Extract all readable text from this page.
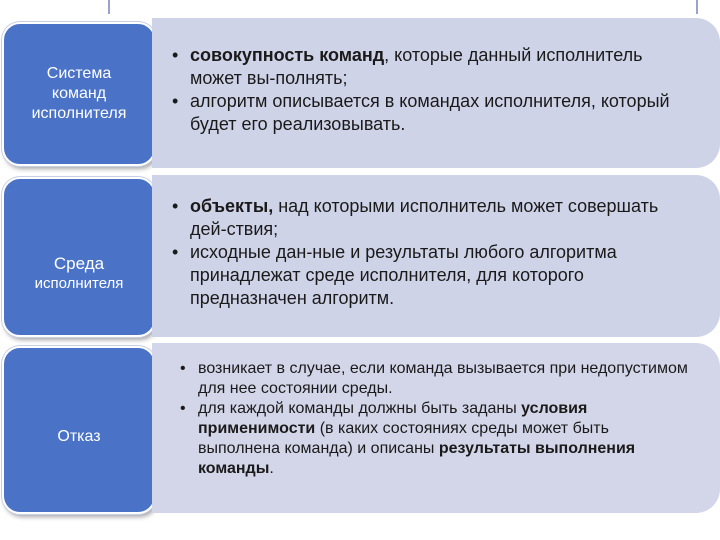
Система
команд
исполнителя
• совокупность команд, которые данный исполнитель может вы-полнять;
• алгоритм описывается в командах исполнителя, который будет его реализовывать.
Среда
исполнителя
• объекты, над которыми исполнитель может совершать дей-ствия;
• исходные дан-ные и результаты любого алгоритма принадлежат среде исполнителя, для которого предназначен алгоритм.
Отказ
• возникает в случае, если команда вызывается при недопустимом для нее состоянии среды.
• для каждой команды должны быть заданы условия применимости (в каких состояниях среды может быть выполнена команда) и описаны результаты выполнения команды.
